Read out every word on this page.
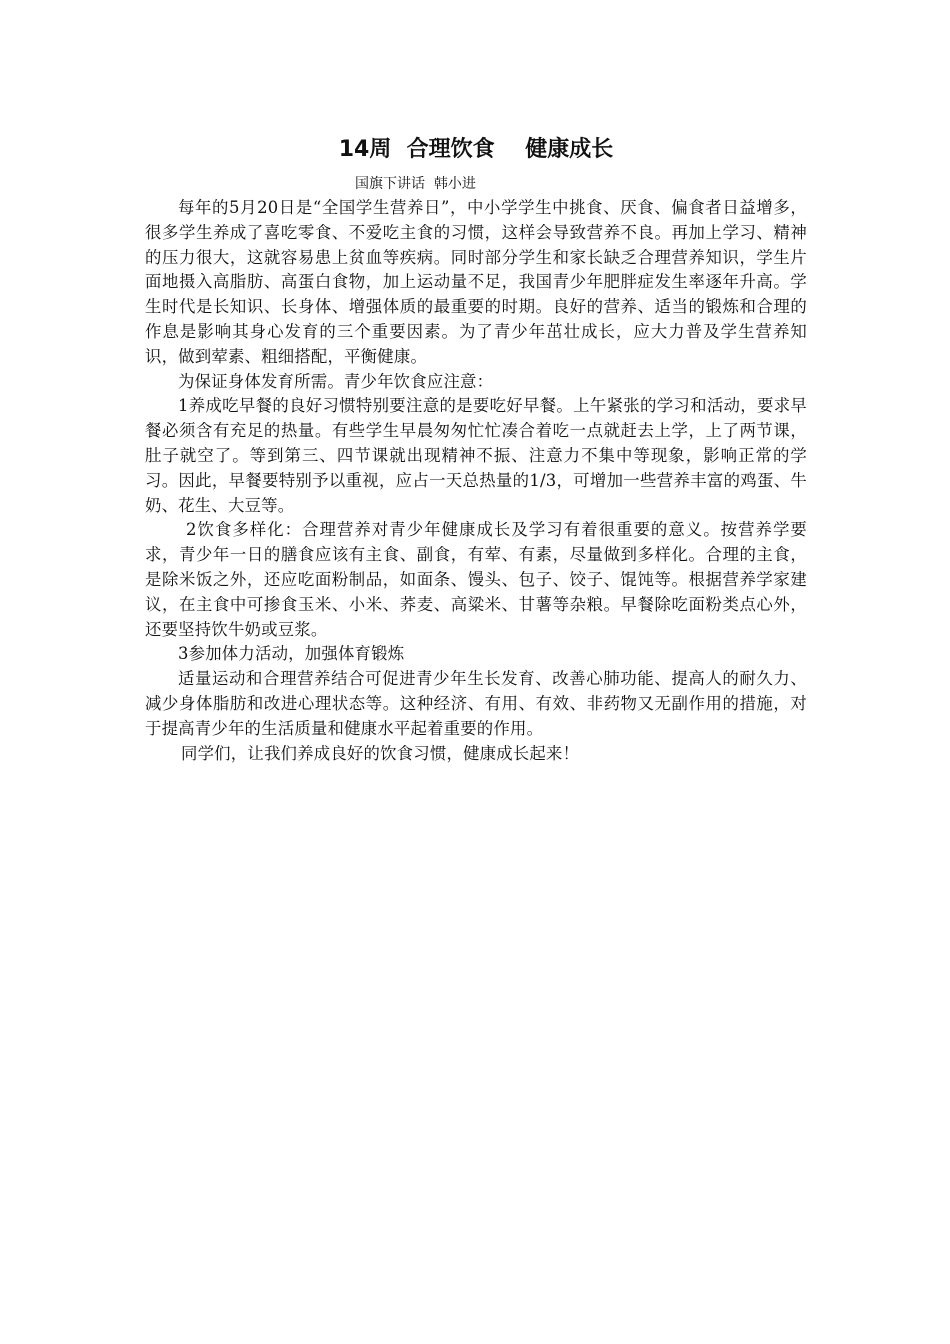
14周  合理饮食    健康成长
国旗下讲话  韩小进

每年的5月20日是“全国学生营养日”，中小学学生中挑食、厌食、偏食者日益增多，很多学生养成了喜吃零食、不爱吃主食的习惯，这样会导致营养不良。再加上学习、精神的压力很大，这就容易患上贫血等疾病。同时部分学生和家长缺乏合理营养知识，学生片面地摄入高脂肪、高蛋白食物，加上运动量不足，我国青少年肥胖症发生率逐年升高。学生时代是长知识、长身体、增强体质的最重要的时期。良好的营养、适当的锻炼和合理的作息是影响其身心发育的三个重要因素。为了青少年茁壮成长，应大力普及学生营养知识，做到荤素、粗细搭配，平衡健康。

为保证身体发育所需。青少年饮食应注意：

1养成吃早餐的良好习惯特别要注意的是要吃好早餐。上午紧张的学习和活动，要求早餐必须含有充足的热量。有些学生早晨匆匆忙忙凑合着吃一点就赶去上学，上了两节课，肚子就空了。等到第三、四节课就出现精神不振、注意力不集中等现象，影响正常的学习。因此，早餐要特别予以重视，应占一天总热量的1/3，可增加一些营养丰富的鸡蛋、牛奶、花生、大豆等。

2饮食多样化：合理营养对青少年健康成长及学习有着很重要的意义。按营养学要求，青少年一日的膳食应该有主食、副食，有荤、有素，尽量做到多样化。合理的主食，是除米饭之外，还应吃面粉制品，如面条、馒头、包子、饺子、馄饨等。根据营养学家建议，在主食中可掺食玉米、小米、荞麦、高粱米、甘薯等杂粮。早餐除吃面粉类点心外，还要坚持饮牛奶或豆浆。

3参加体力活动，加强体育锻炼

适量运动和合理营养结合可促进青少年生长发育、改善心肺功能、提高人的耐久力、减少身体脂肪和改进心理状态等。这种经济、有用、有效、非药物又无副作用的措施，对于提高青少年的生活质量和健康水平起着重要的作用。

同学们，让我们养成良好的饮食习惯，健康成长起来！
